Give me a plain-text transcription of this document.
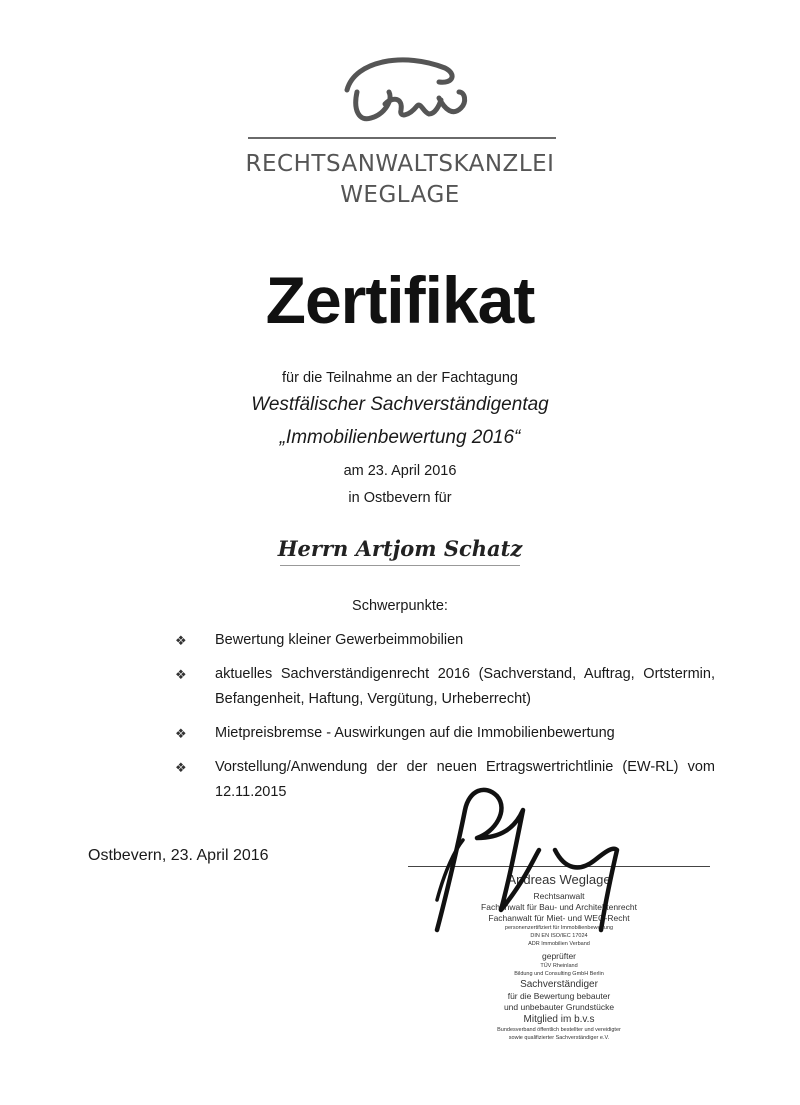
RECHTSANWALTSKANZLEI
WEGLAGE
Zertifikat
für die Teilnahme an der Fachtagung
Westfälischer Sachverständigentag
„Immobilienbewertung 2016“
am 23. April 2016
in Ostbevern für
Herrn Artjom Schatz
Schwerpunkte:
❖ Bewertung kleiner Gewerbeimmobilien
❖ aktuelles Sachverständigenrecht 2016 (Sachverstand, Auftrag, Ortstermin, Befangenheit, Haftung, Vergütung, Urheberrecht)
❖ Mietpreisbremse - Auswirkungen auf die Immobilienbewertung
❖ Vorstellung/Anwendung der der neuen Ertragswertrichtlinie (EW-RL) vom 12.11.2015
Ostbevern, 23. April 2016
Andreas Weglage
Rechtsanwalt
Fachanwalt für Bau- und Architektenrecht
Fachanwalt für Miet- und WEG-Recht
personenzertifiziert für Immobilienbewertung
DIN EN ISO/IEC 17024
ADR Immobilien Verband
geprüfter
TÜV Rheinland
Bildung und Consulting GmbH Berlin
Sachverständiger
für die Bewertung bebauter
und unbebauter Grundstücke
Mitglied im b.v.s
Bundesverband öffentlich bestellter und vereidigter
sowie qualifizierter Sachverständiger e.V.
